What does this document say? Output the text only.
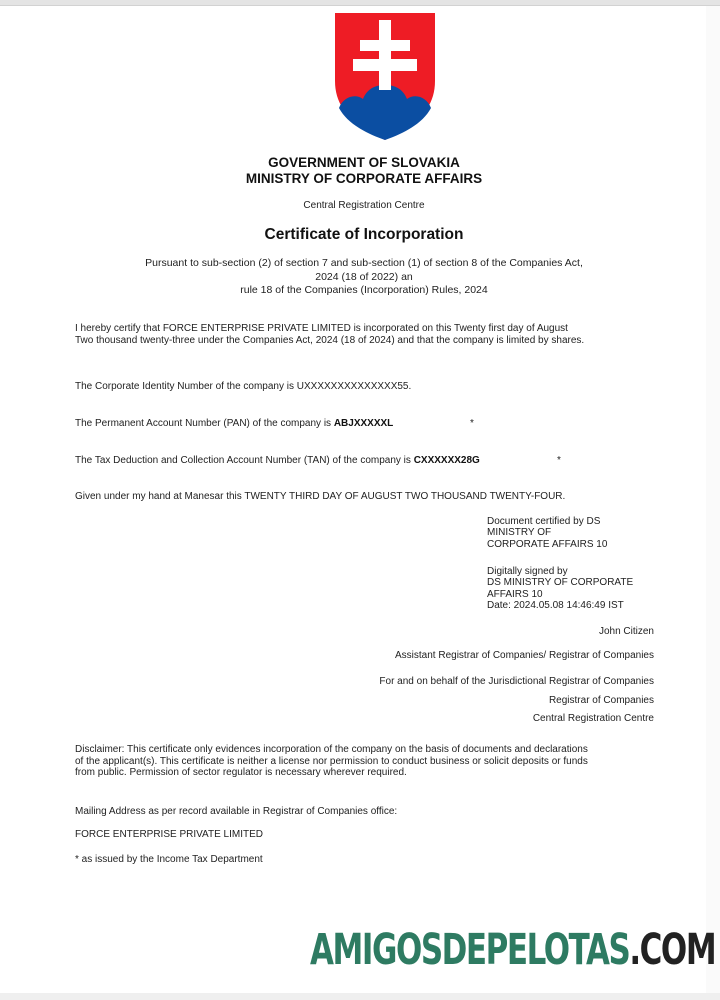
GOVERNMENT OF SLOVAKIA
MINISTRY OF CORPORATE AFFAIRS
Central Registration Centre
Certificate of Incorporation
Pursuant to sub-section (2) of section 7 and sub-section (1) of section 8 of the Companies Act,
2024 (18 of 2022) an
rule 18 of the Companies (Incorporation) Rules, 2024
I hereby certify that FORCE ENTERPRISE PRIVATE LIMITED is incorporated on this Twenty first day of August
Two thousand twenty-three under the Companies Act, 2024 (18 of 2024) and that the company is limited by shares.
The Corporate Identity Number of the company is UXXXXXXXXXXXXXX55.
The Permanent Account Number (PAN) of the company is ABJXXXXXL	*
The Tax Deduction and Collection Account Number (TAN) of the company is CXXXXXX28G	*
Given under my hand at Manesar this TWENTY THIRD DAY OF AUGUST TWO THOUSAND TWENTY-FOUR.
Document certified by DS
MINISTRY OF
CORPORATE AFFAIRS 10
Digitally signed by
DS MINISTRY OF CORPORATE
AFFAIRS 10
Date: 2024.05.08 14:46:49 IST
John Citizen
Assistant Registrar of Companies/ Registrar of Companies
For and on behalf of the Jurisdictional Registrar of Companies
Registrar of Companies
Central Registration Centre
Disclaimer: This certificate only evidences incorporation of the company on the basis of documents and declarations
of the applicant(s). This certificate is neither a license nor permission to conduct business or solicit deposits or funds
from public. Permission of sector regulator is necessary wherever required.
Mailing Address as per record available in Registrar of Companies office:
FORCE ENTERPRISE PRIVATE LIMITED
* as issued by the Income Tax Department
AMIGOSDEPELOTAS.COM
